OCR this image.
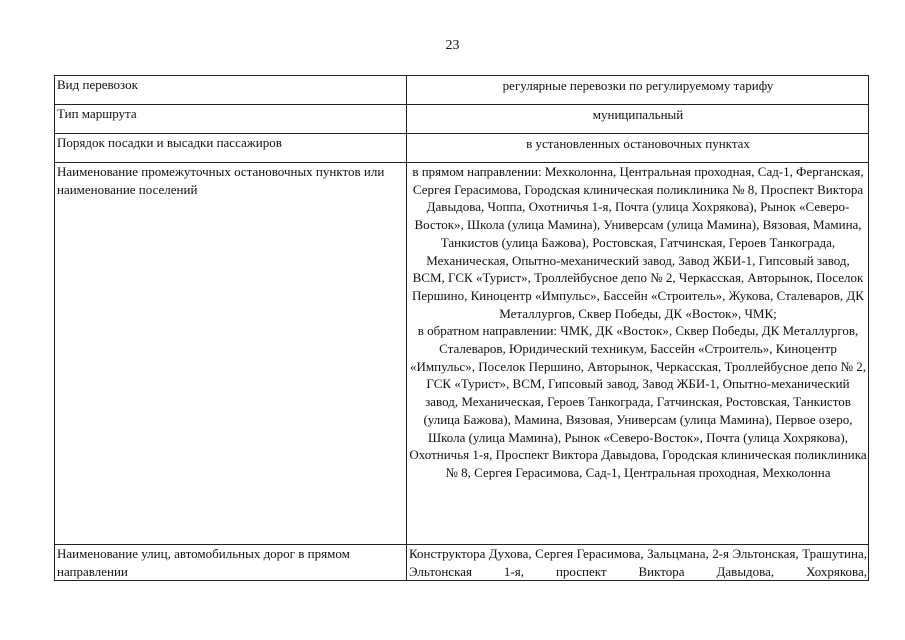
23
Вид перевозок	регулярные перевозки по регулируемому тарифу
Тип маршрута	муниципальный
Порядок посадки и высадки пассажиров	в установленных остановочных пунктах
Наименование промежуточных остановочных пунктов или наименование поселений	в прямом направлении: Мехколонна, Центральная проходная, Сад-1, Ферганская, Сергея Герасимова, Городская клиническая поликлиника № 8, Проспект Виктора Давыдова, Чоппа, Охотничья 1-я, Почта (улица Хохрякова), Рынок «Северо-Восток», Школа (улица Мамина), Универсам (улица Мамина), Вязовая, Мамина, Танкистов (улица Бажова), Ростовская, Гатчинская, Героев Танкограда, Механическая, Опытно-механический завод, Завод ЖБИ-1, Гипсовый завод, ВСМ, ГСК «Турист», Троллейбусное депо № 2, Черкасская, Авторынок, Поселок Першино, Киноцентр «Импульс», Бассейн «Строитель», Жукова, Сталеваров, ДК Металлургов, Сквер Победы, ДК «Восток», ЧМК;

в обратном направлении: ЧМК, ДК «Восток», Сквер Победы, ДК Металлургов, Сталеваров, Юридический техникум, Бассейн «Строитель», Киноцентр «Импульс», Поселок Першино, Авторынок, Черкасская, Троллейбусное депо № 2, ГСК «Турист», ВСМ, Гипсовый завод, Завод ЖБИ-1, Опытно-механический завод, Механическая, Героев Танкограда, Гатчинская, Ростовская, Танкистов (улица Бажова), Мамина, Вязовая, Универсам (улица Мамина), Первое озеро, Школа (улица Мамина), Рынок «Северо-Восток», Почта (улица Хохрякова), Охотничья 1-я, Проспект Виктора Давыдова, Городская клиническая поликлиника № 8, Сергея Герасимова, Сад-1, Центральная проходная, Мехколонна

Наименование улиц, автомобильных дорог в прямом направлении	Конструктора Духова, Сергея Герасимова, Зальцмана, 2-я Эльтонская, Трашутина, Эльтонская 1-я, проспект Виктора Давыдова, Хохрякова,
